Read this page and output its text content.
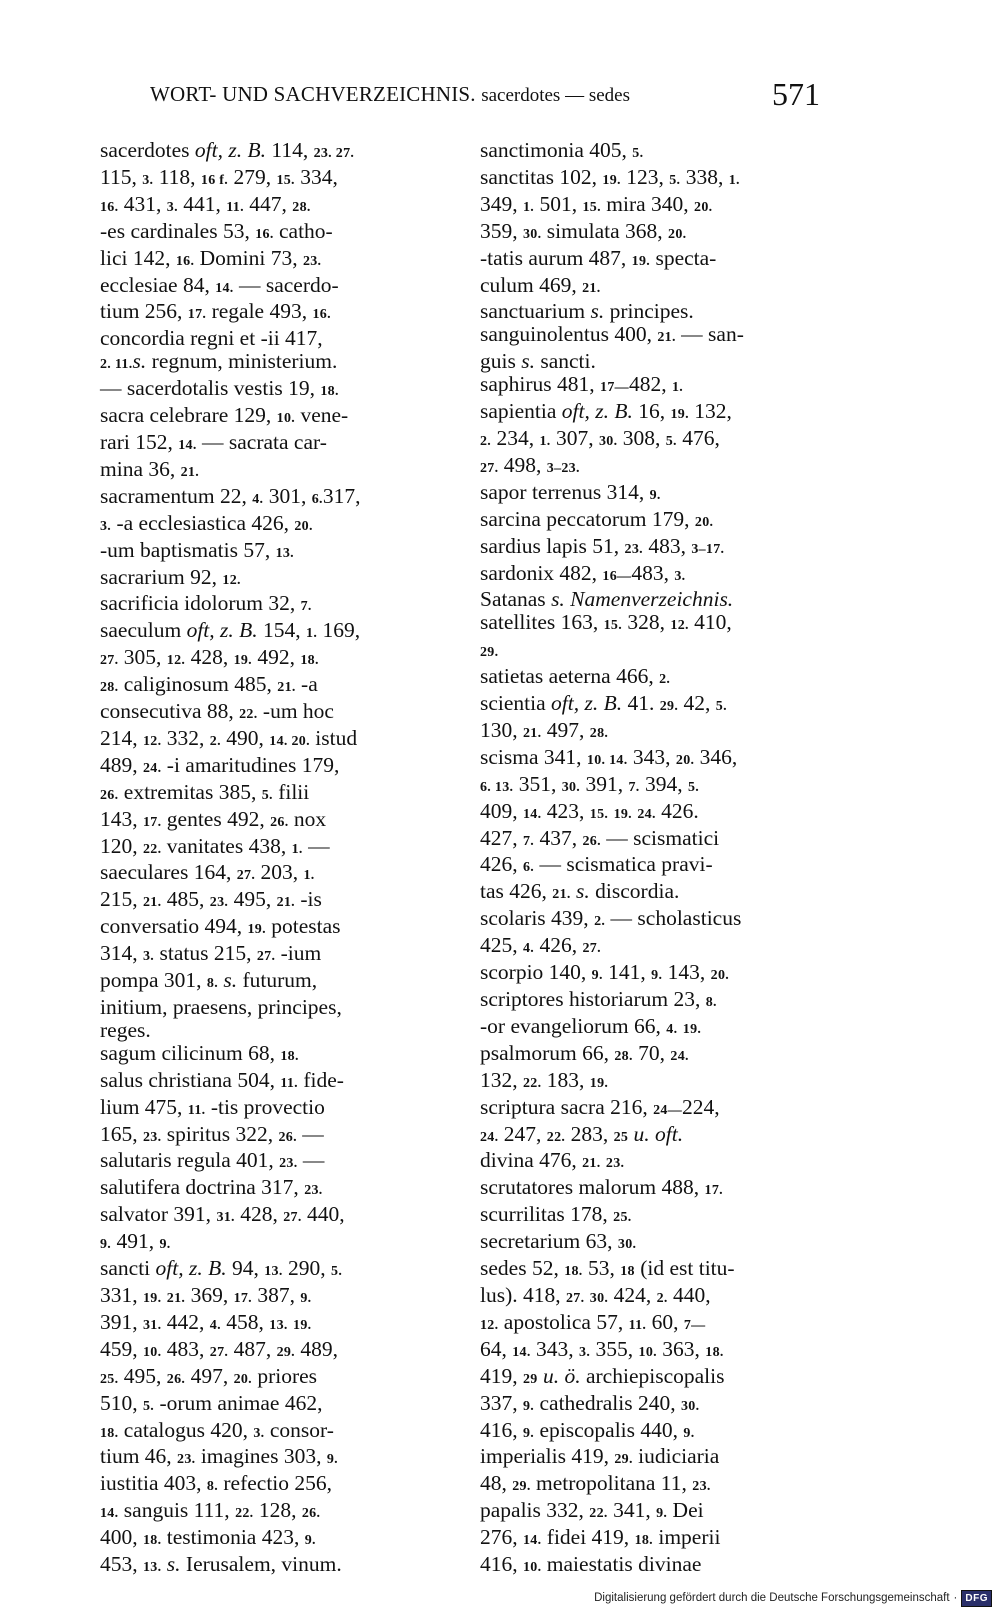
WORT- UND SACHVERZEICHNIS. sacerdotes — sedes	571
sacerdotes oft, z. B. 114, 23. 27.
115, 3. 118, 16 f. 279, 15. 334,
16. 431, 3. 441, 11. 447, 28.
-es cardinales 53, 16. catho-
lici 142, 16. Domini 73, 23.
ecclesiae 84, 14. — sacerdo-
tium 256, 17. regale 493, 16.
concordia regni et -ii 417,
2. 11.s. regnum, ministerium.
— sacerdotalis vestis 19, 18.
sacra celebrare 129, 10. vene-
rari 152, 14. — sacrata car-
mina 36, 21.
sacramentum 22, 4. 301, 6.317,
3. -a ecclesiastica 426, 20.
-um baptismatis 57, 13.
sacrarium 92, 12.
sacrificia idolorum 32, 7.
saeculum oft, z. B. 154, 1. 169,
27. 305, 12. 428, 19. 492, 18.
28. caliginosum 485, 21. -a
consecutiva 88, 22. -um hoc
214, 12. 332, 2. 490, 14. 20. istud
489, 24. -i amaritudines 179,
26. extremitas 385, 5. filii
143, 17. gentes 492, 26. nox
120, 22. vanitates 438, 1. —
saeculares 164, 27. 203, 1.
215, 21. 485, 23. 495, 21. -is
conversatio 494, 19. potestas
314, 3. status 215, 27. -ium
pompa 301, 8. s. futurum,
initium, praesens, principes,
reges.
sagum cilicinum 68, 18.
salus christiana 504, 11. fide-
lium 475, 11. -tis provectio
165, 23. spiritus 322, 26. —
salutaris regula 401, 23. —
salutifera doctrina 317, 23.
salvator 391, 31. 428, 27. 440,
9. 491, 9.
sancti oft, z. B. 94, 13. 290, 5.
331, 19. 21. 369, 17. 387, 9.
391, 31. 442, 4. 458, 13. 19.
459, 10. 483, 27. 487, 29. 489,
25. 495, 26. 497, 20. priores
510, 5. -orum animae 462,
18. catalogus 420, 3. consor-
tium 46, 23. imagines 303, 9.
iustitia 403, 8. refectio 256,
14. sanguis 111, 22. 128, 26.
400, 18. testimonia 423, 9.
453, 13. s. Ierusalem, vinum.
sanctimonia 405, 5.
sanctitas 102, 19. 123, 5. 338, 1.
349, 1. 501, 15. mira 340, 20.
359, 30. simulata 368, 20.
-tatis aurum 487, 19. specta-
culum 469, 21.
sanctuarium s. principes.
sanguinolentus 400, 21. — san-
guis s. sancti.
saphirus 481, 17—482, 1.
sapientia oft, z. B. 16, 19. 132,
2. 234, 1. 307, 30. 308, 5. 476,
27. 498, 3–23.
sapor terrenus 314, 9.
sarcina peccatorum 179, 20.
sardius lapis 51, 23. 483, 3–17.
sardonix 482, 16—483, 3.
Satanas s. Namenverzeichnis.
satellites 163, 15. 328, 12. 410,
29.
satietas aeterna 466, 2.
scientia oft, z. B. 41. 29. 42, 5.
130, 21. 497, 28.
scisma 341, 10. 14. 343, 20. 346,
6. 13. 351, 30. 391, 7. 394, 5.
409, 14. 423, 15. 19. 24. 426.
427, 7. 437, 26. — scismatici
426, 6. — scismatica pravi-
tas 426, 21. s. discordia.
scolaris 439, 2. — scholasticus
425, 4. 426, 27.
scorpio 140, 9. 141, 9. 143, 20.
scriptores historiarum 23, 8.
-or evangeliorum 66, 4. 19.
psalmorum 66, 28. 70, 24.
132, 22. 183, 19.
scriptura sacra 216, 24—224,
24. 247, 22. 283, 25 u. oft.
divina 476, 21. 23.
scrutatores malorum 488, 17.
scurrilitas 178, 25.
secretarium 63, 30.
sedes 52, 18. 53, 18 (id est titu-
lus). 418, 27. 30. 424, 2. 440,
12. apostolica 57, 11. 60, 7—
64, 14. 343, 3. 355, 10. 363, 18.
419, 29 u. ö. archiepiscopalis
337, 9. cathedralis 240, 30.
416, 9. episcopalis 440, 9.
imperialis 419, 29. iudiciaria
48, 29. metropolitana 11, 23.
papalis 332, 22. 341, 9. Dei
276, 14. fidei 419, 18. imperii
416, 10. maiestatis divinae
Digitalisierung gefördert durch die Deutsche Forschungsgemeinschaft · DFG
